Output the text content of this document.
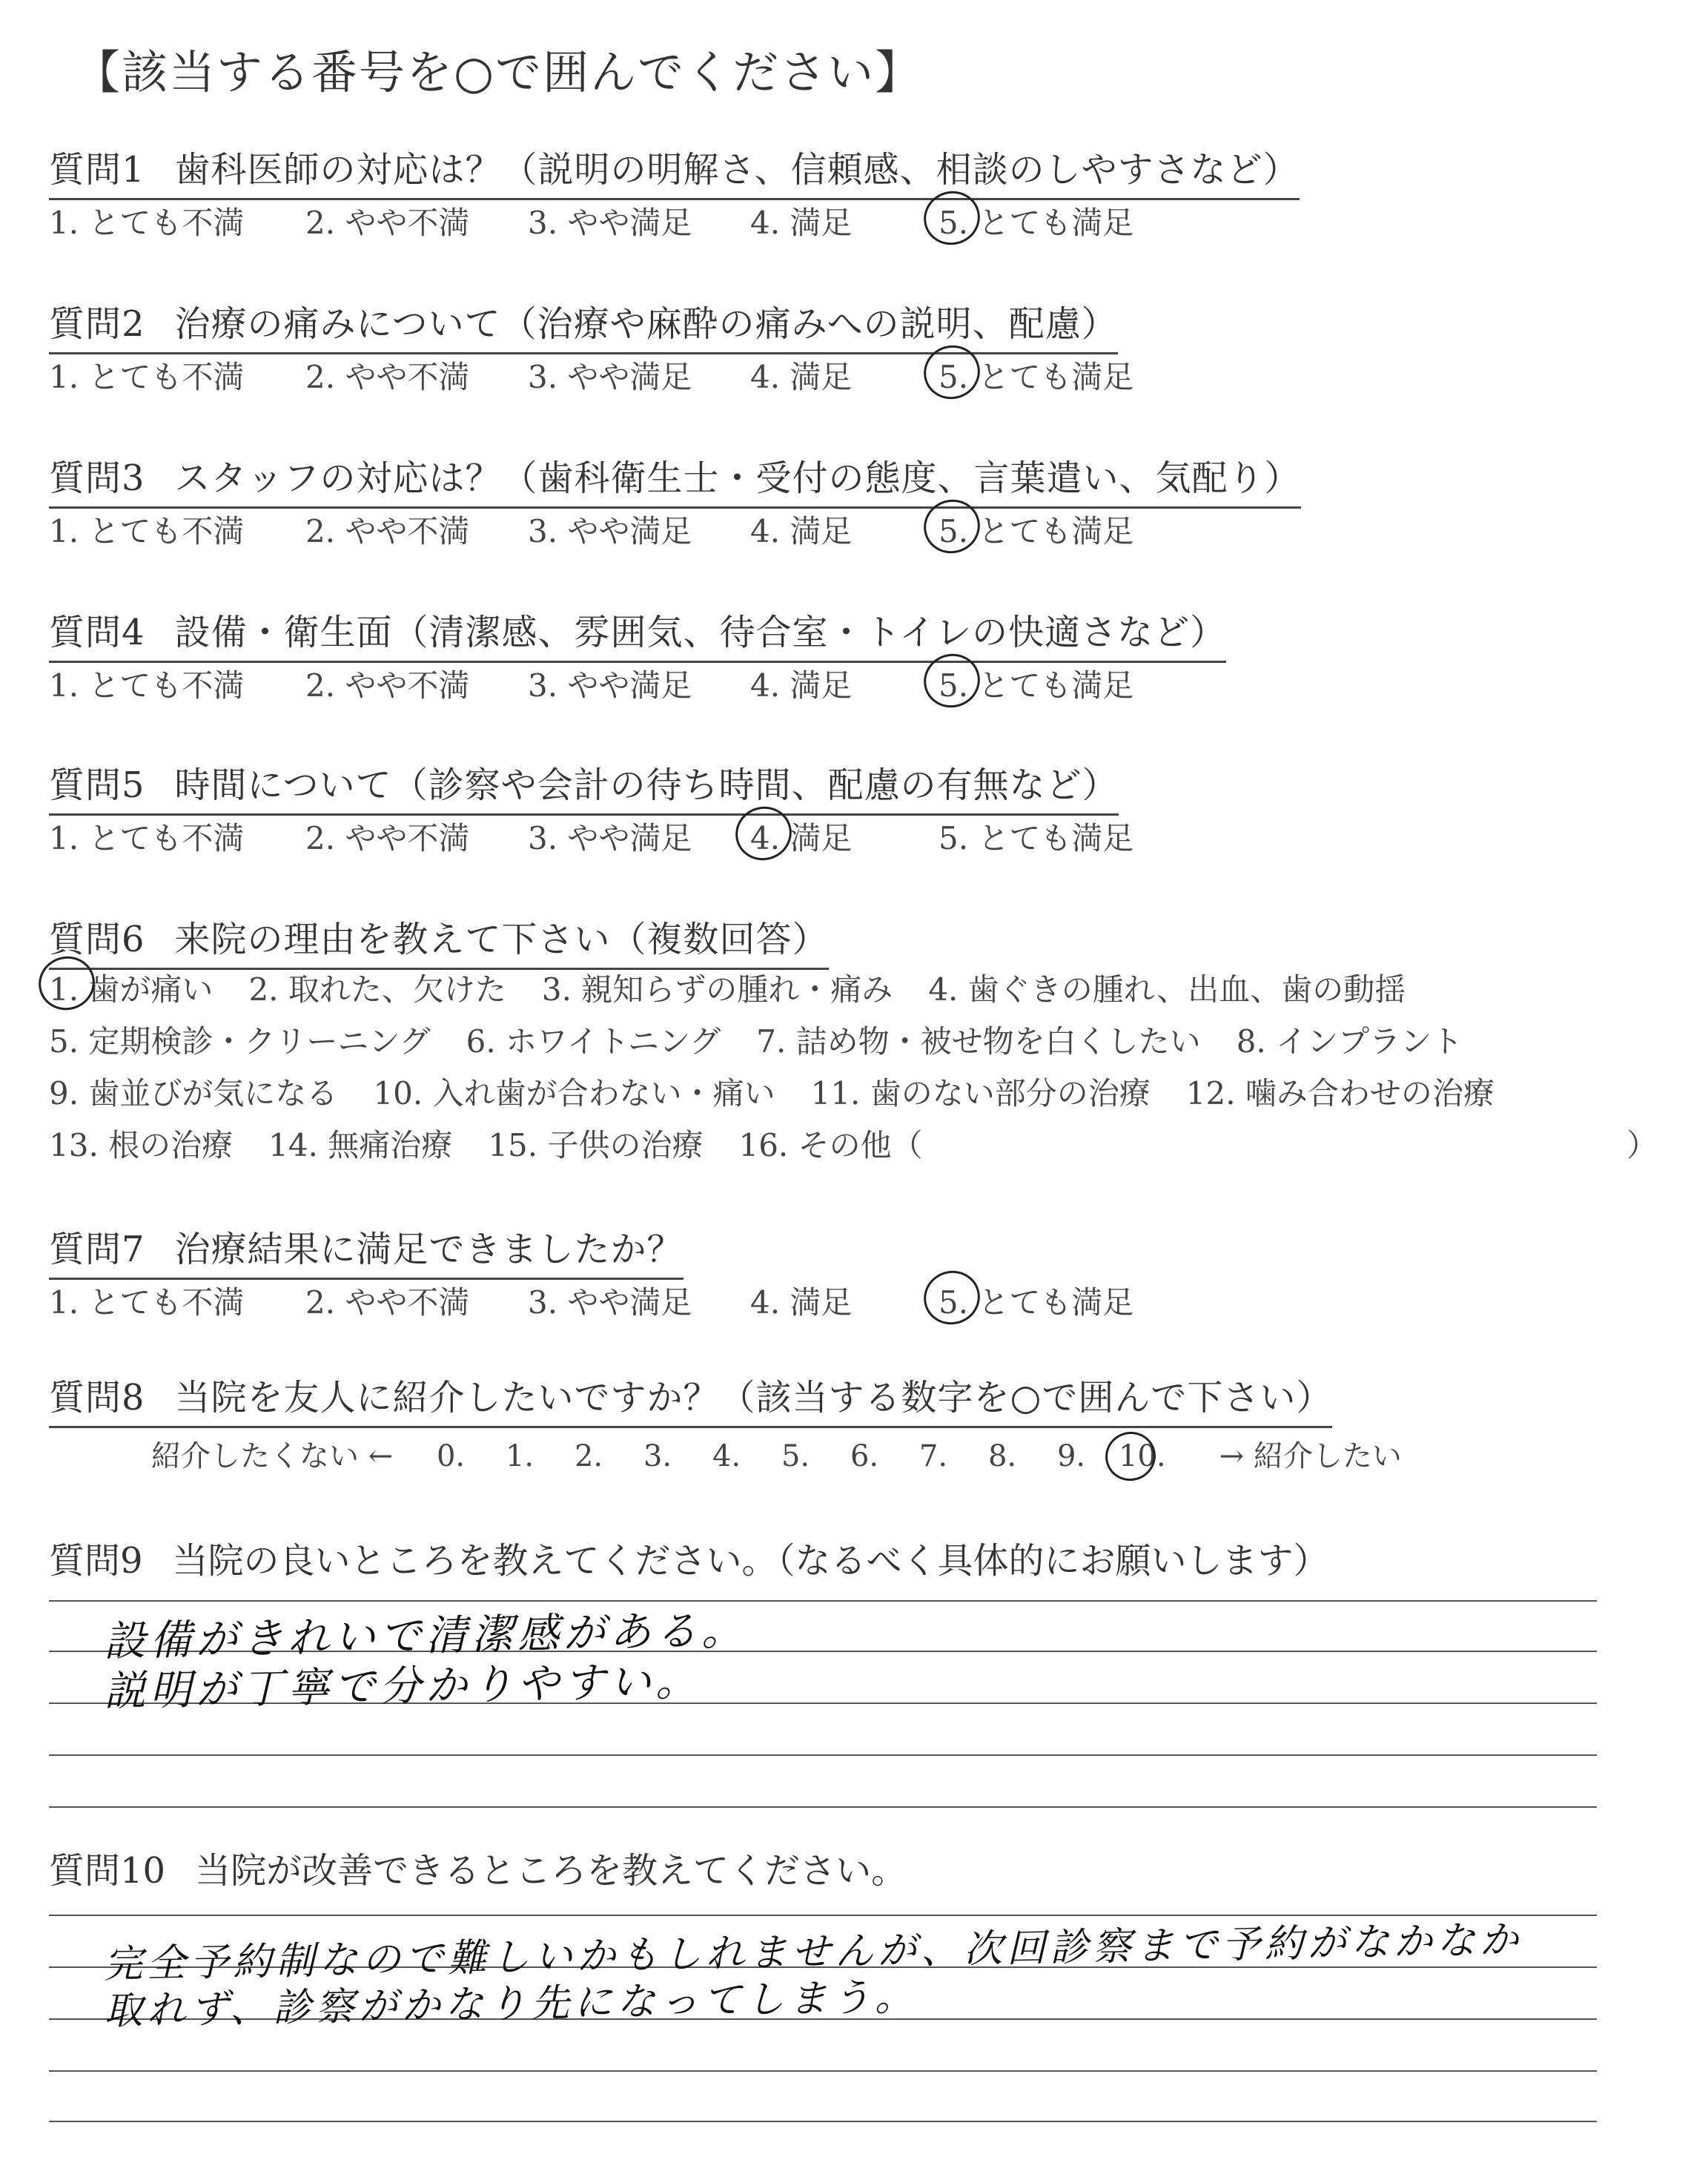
【該当する番号を○で囲んでください】
質問1 歯科医師の対応は？（説明の明解さ、信頼感、相談のしやすさなど）
1. とても不満 2. やや不満 3. やや満足 4. 満足	5. とても満足
質問2 治療の痛みについて（治療や麻酔の痛みへの説明、配慮）
1. とても不満 2. やや不満 3. やや満足 4. 満足	5. とても満足
質問3 スタッフの対応は？（歯科衛生士・受付の態度、言葉遣い、気配り）
1. とても不満 2. やや不満 3. やや満足 4. 満足	5. とても満足
質問4 設備・衛生面（清潔感、雰囲気、待合室・トイレの快適さなど）
1. とても不満 2. やや不満 3. やや満足 4. 満足	5. とても満足
質問5 時間について（診察や会計の待ち時間、配慮の有無など）
1. とても不満 2. やや不満 3. やや満足 4. 満足	5. とても満足
質問7 治療結果に満足できましたか？
1. とても不満 2. やや不満 3. やや満足 4. 満足	5. とても満足
質問6 来院の理由を教えて下さい（複数回答）
1. 歯が痛い 2. 取れた、欠けた 3. 親知らずの腫れ・痛み 4. 歯ぐきの腫れ、出血、歯の動揺
5. 定期検診・クリーニング 6. ホワイトニング 7. 詰め物・被せ物を白くしたい 8. インプラント
9. 歯並びが気になる 10. 入れ歯が合わない・痛い 11. 歯のない部分の治療 12. 噛み合わせの治療
13. 根の治療 14. 無痛治療 15. 子供の治療 16. その他（	）
質問8 当院を友人に紹介したいですか？（該当する数字を○で囲んで下さい）
紹介したくない ← 0. 1. 2. 3. 4. 5. 6. 7. 8. 9. 10. → 紹介したい
質問9 当院の良いところを教えてください。（なるべく具体的にお願いします）
設備がきれいで清潔感がある。
説明が丁寧で分かりやすい。
質問10 当院が改善できるところを教えてください。
完全予約制なので難しいかもしれませんが、次回診察まで予約がなかなか
取れず、診察がかなり先になってしまう。
